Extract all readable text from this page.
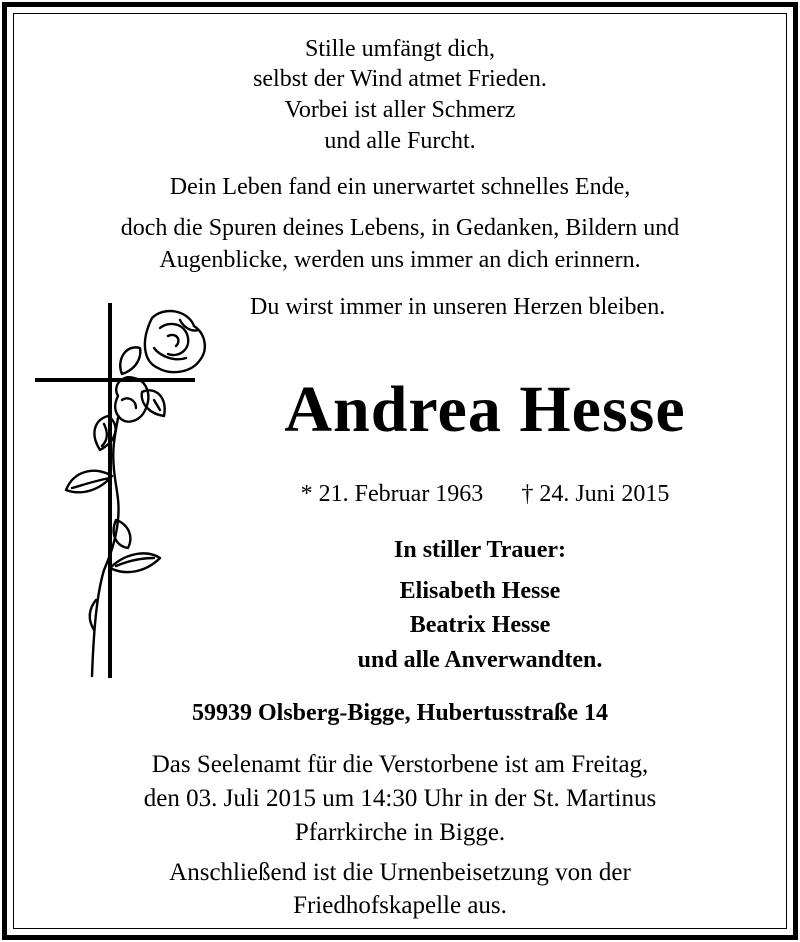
Stille umfängt dich,
selbst der Wind atmet Frieden.
Vorbei ist aller Schmerz
und alle Furcht.
Dein Leben fand ein unerwartet schnelles Ende,
doch die Spuren deines Lebens, in Gedanken, Bildern und
Augenblicke, werden uns immer an dich erinnern.
Du wirst immer in unseren Herzen bleiben.
Andrea Hesse
* 21. Februar 1963 † 24. Juni 2015
In stiller Trauer:
Elisabeth Hesse
Beatrix Hesse
und alle Anverwandten.
59939 Olsberg-Bigge, Hubertusstraße 14
Das Seelenamt für die Verstorbene ist am Freitag,
den 03. Juli 2015 um 14:30 Uhr in der St. Martinus
Pfarrkirche in Bigge.
Anschließend ist die Urnenbeisetzung von der
Friedhofskapelle aus.
